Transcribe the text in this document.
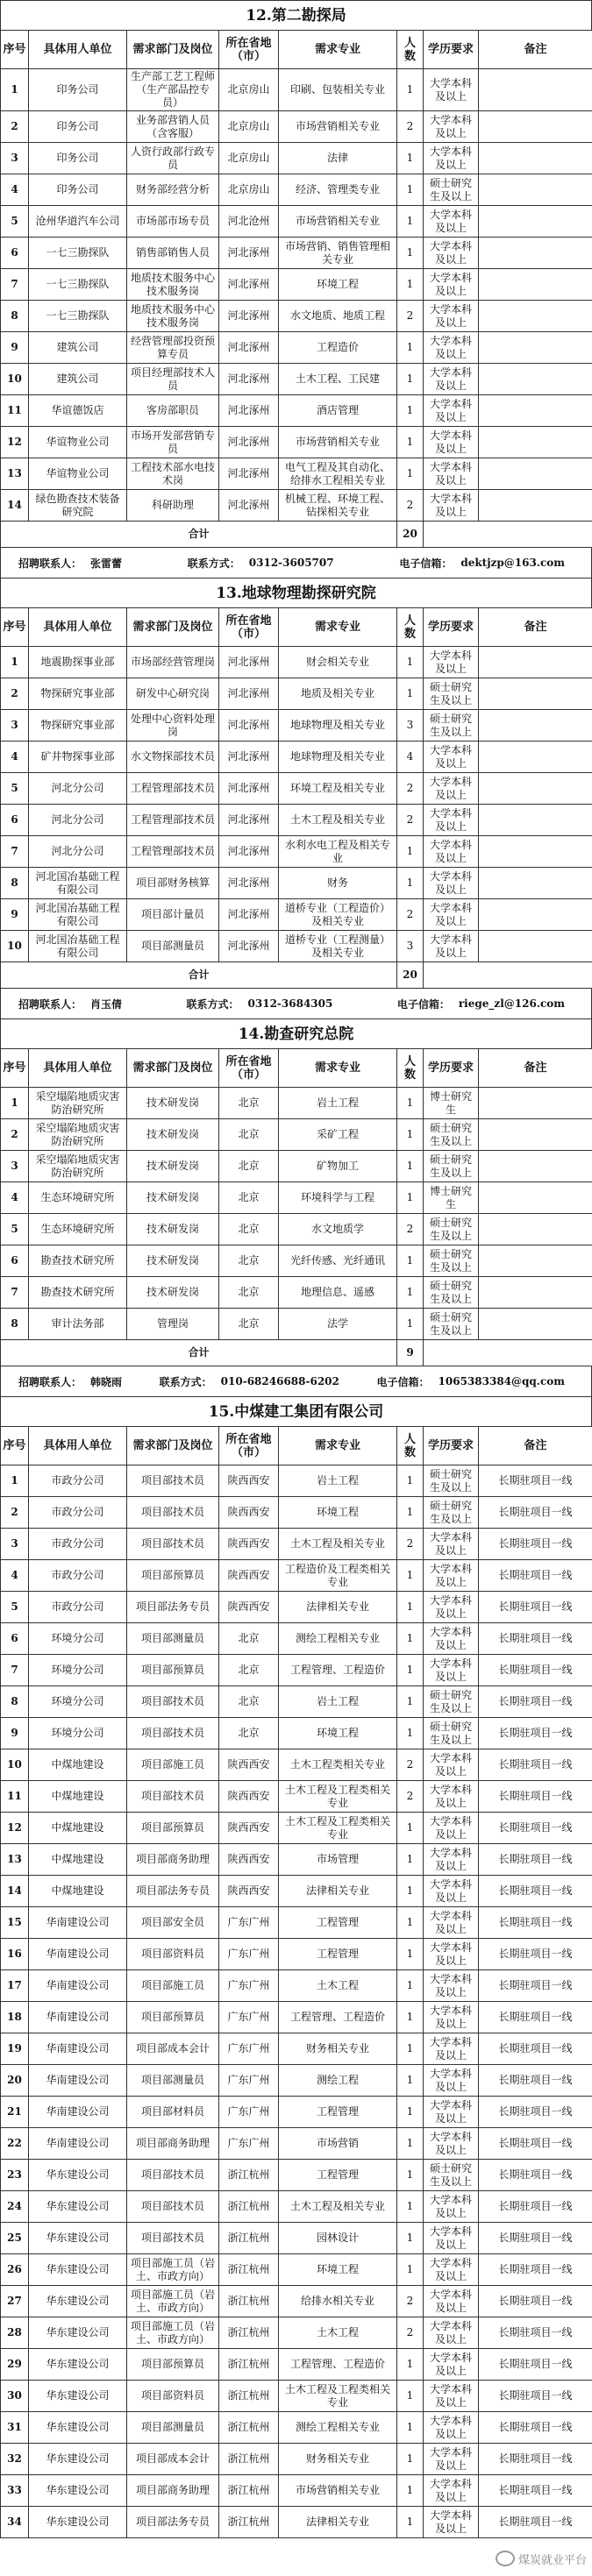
12.第二勘探局
序号	具体用人单位	需求部门及岗位	所在省地（市）	需求专业	人数	学历要求	备注
1	印务公司	生产部工艺工程师（生产部品控专员）	北京房山	印刷、包装相关专业	1	大学本科及以上	
2	印务公司	业务部营销人员（含客服）	北京房山	市场营销相关专业	2	大学本科及以上	
3	印务公司	人资行政部行政专员	北京房山	法律	1	大学本科及以上	
4	印务公司	财务部经营分析	北京房山	经济、管理类专业	1	硕士研究生及以上	
5	沧州华道汽车公司	市场部市场专员	河北沧州	市场营销相关专业	1	大学本科及以上	
6	一七三勘探队	销售部销售人员	河北涿州	市场营销、销售管理相关专业	1	大学本科及以上	
7	一七三勘探队	地质技术服务中心技术服务岗	河北涿州	环境工程	1	大学本科及以上	
8	一七三勘探队	地质技术服务中心技术服务岗	河北涿州	水文地质、地质工程	2	大学本科及以上	
9	建筑公司	经营管理部投资预算专员	河北涿州	工程造价	1	大学本科及以上	
10	建筑公司	项目经理部技术人员	河北涿州	土木工程、工民建	1	大学本科及以上	
11	华谊德饭店	客房部职员	河北涿州	酒店管理	1	大学本科及以上	
12	华谊物业公司	市场开发部营销专员	河北涿州	市场营销相关专业	1	大学本科及以上	
13	华谊物业公司	工程技术部水电技术岗	河北涿州	电气工程及其自动化、给排水工程相关专业	1	大学本科及以上	
14	绿色勘查技术装备研究院	科研助理	河北涿州	机械工程、环境工程、钻探相关专业	2	大学本科及以上	
合计					20		
招聘联系人： 张雷蕾	联系方式： 0312-3605707	电子信箱： dektjzp@163.com
13.地球物理勘探研究院
序号	具体用人单位	需求部门及岗位	所在省地（市）	需求专业	人数	学历要求	备注
1	地震勘探事业部	市场部经营管理岗	河北涿州	财会相关专业	1	大学本科及以上	
2	物探研究事业部	研发中心研究岗	河北涿州	地质及相关专业	1	硕士研究生及以上	
3	物探研究事业部	处理中心资料处理岗	河北涿州	地球物理及相关专业	3	硕士研究生及以上	
4	矿井物探事业部	水文物探部技术员	河北涿州	地球物理及相关专业	4	大学本科及以上	
5	河北分公司	工程管理部技术员	河北涿州	环境工程及相关专业	2	大学本科及以上	
6	河北分公司	工程管理部技术员	河北涿州	土木工程及相关专业	2	大学本科及以上	
7	河北分公司	工程管理部技术员	河北涿州	水利水电工程及相关专业	1	大学本科及以上	
8	河北国冶基础工程有限公司	项目部财务核算	河北涿州	财务	1	大学本科及以上	
9	河北国冶基础工程有限公司	项目部计量员	河北涿州	道桥专业（工程造价）及相关专业	2	大学本科及以上	
10	河北国冶基础工程有限公司	项目部测量员	河北涿州	道桥专业（工程测量）及相关专业	3	大学本科及以上	
合计					20		
招聘联系人： 肖玉倩	联系方式： 0312-3684305	电子信箱： riege_zl@126.com
14.勘查研究总院
序号	具体用人单位	需求部门及岗位	所在省地（市）	需求专业	人数	学历要求	备注
1	采空塌陷地质灾害防治研究所	技术研发岗	北京	岩土工程	1	博士研究生	
2	采空塌陷地质灾害防治研究所	技术研发岗	北京	采矿工程	1	硕士研究生及以上	
3	采空塌陷地质灾害防治研究所	技术研发岗	北京	矿物加工	1	硕士研究生及以上	
4	生态环境研究所	技术研发岗	北京	环境科学与工程	1	博士研究生	
5	生态环境研究所	技术研发岗	北京	水文地质学	2	硕士研究生及以上	
6	勘查技术研究所	技术研发岗	北京	光纤传感、光纤通讯	1	硕士研究生及以上	
7	勘查技术研究所	技术研发岗	北京	地理信息、遥感	1	硕士研究生及以上	
8	审计法务部	管理岗	北京	法学	1	硕士研究生及以上	
合计					9		
招聘联系人： 韩晓雨	联系方式： 010-68246688-6202	电子信箱： 1065383384@qq.com
15.中煤建工集团有限公司
序号	具体用人单位	需求部门及岗位	所在省地（市）	需求专业	人数	学历要求	备注
1	市政分公司	项目部技术员	陕西西安	岩土工程	1	硕士研究生及以上	长期驻项目一线
2	市政分公司	项目部技术员	陕西西安	环境工程	1	硕士研究生及以上	长期驻项目一线
3	市政分公司	项目部技术员	陕西西安	土木工程及相关专业	2	大学本科及以上	长期驻项目一线
4	市政分公司	项目部预算员	陕西西安	工程造价及工程类相关专业	1	大学本科及以上	长期驻项目一线
5	市政分公司	项目部法务专员	陕西西安	法律相关专业	1	大学本科及以上	长期驻项目一线
6	环境分公司	项目部测量员	北京	测绘工程相关专业	1	大学本科及以上	长期驻项目一线
7	环境分公司	项目部预算员	北京	工程管理、工程造价	1	大学本科及以上	长期驻项目一线
8	环境分公司	项目部技术员	北京	岩土工程	1	硕士研究生及以上	长期驻项目一线
9	环境分公司	项目部技术员	北京	环境工程	1	硕士研究生及以上	长期驻项目一线
10	中煤地建设	项目部施工员	陕西西安	土木工程类相关专业	2	大学本科及以上	长期驻项目一线
11	中煤地建设	项目部技术员	陕西西安	土木工程及工程类相关专业	2	大学本科及以上	长期驻项目一线
12	中煤地建设	项目部预算员	陕西西安	土木工程及工程类相关专业	1	大学本科及以上	长期驻项目一线
13	中煤地建设	项目部商务助理	陕西西安	市场管理	1	大学本科及以上	长期驻项目一线
14	中煤地建设	项目部法务专员	陕西西安	法律相关专业	1	大学本科及以上	长期驻项目一线
15	华南建设公司	项目部安全员	广东广州	工程管理	1	大学本科及以上	长期驻项目一线
16	华南建设公司	项目部资料员	广东广州	工程管理	1	大学本科及以上	长期驻项目一线
17	华南建设公司	项目部施工员	广东广州	土木工程	1	大学本科及以上	长期驻项目一线
18	华南建设公司	项目部预算员	广东广州	工程管理、工程造价	1	大学本科及以上	长期驻项目一线
19	华南建设公司	项目部成本会计	广东广州	财务相关专业	1	大学本科及以上	长期驻项目一线
20	华南建设公司	项目部测量员	广东广州	测绘工程	1	大学本科及以上	长期驻项目一线
21	华南建设公司	项目部材料员	广东广州	工程管理	1	大学本科及以上	长期驻项目一线
22	华南建设公司	项目部商务助理	广东广州	市场营销	1	大学本科及以上	长期驻项目一线
23	华东建设公司	项目部技术员	浙江杭州	工程管理	1	硕士研究生及以上	长期驻项目一线
24	华东建设公司	项目部技术员	浙江杭州	土木工程及相关专业	1	大学本科及以上	长期驻项目一线
25	华东建设公司	项目部技术员	浙江杭州	园林设计	1	大学本科及以上	长期驻项目一线
26	华东建设公司	项目部施工员（岩土、市政方向）	浙江杭州	环境工程	1	大学本科及以上	长期驻项目一线
27	华东建设公司	项目部施工员（岩土、市政方向）	浙江杭州	给排水相关专业	2	大学本科及以上	长期驻项目一线
28	华东建设公司	项目部施工员（岩土、市政方向）	浙江杭州	土木工程	2	大学本科及以上	长期驻项目一线
29	华东建设公司	项目部预算员	浙江杭州	工程管理、工程造价	1	大学本科及以上	长期驻项目一线
30	华东建设公司	项目部资料员	浙江杭州	土木工程及工程类相关专业	1	大学本科及以上	长期驻项目一线
31	华东建设公司	项目部测量员	浙江杭州	测绘工程相关专业	1	大学本科及以上	长期驻项目一线
32	华东建设公司	项目部成本会计	浙江杭州	财务相关专业	1	大学本科及以上	长期驻项目一线
33	华东建设公司	项目部商务助理	浙江杭州	市场营销相关专业	1	大学本科及以上	长期驻项目一线
34	华东建设公司	项目部法务专员	浙江杭州	法律相关专业	1	大学本科及以上	长期驻项目一线
煤炭就业平台
